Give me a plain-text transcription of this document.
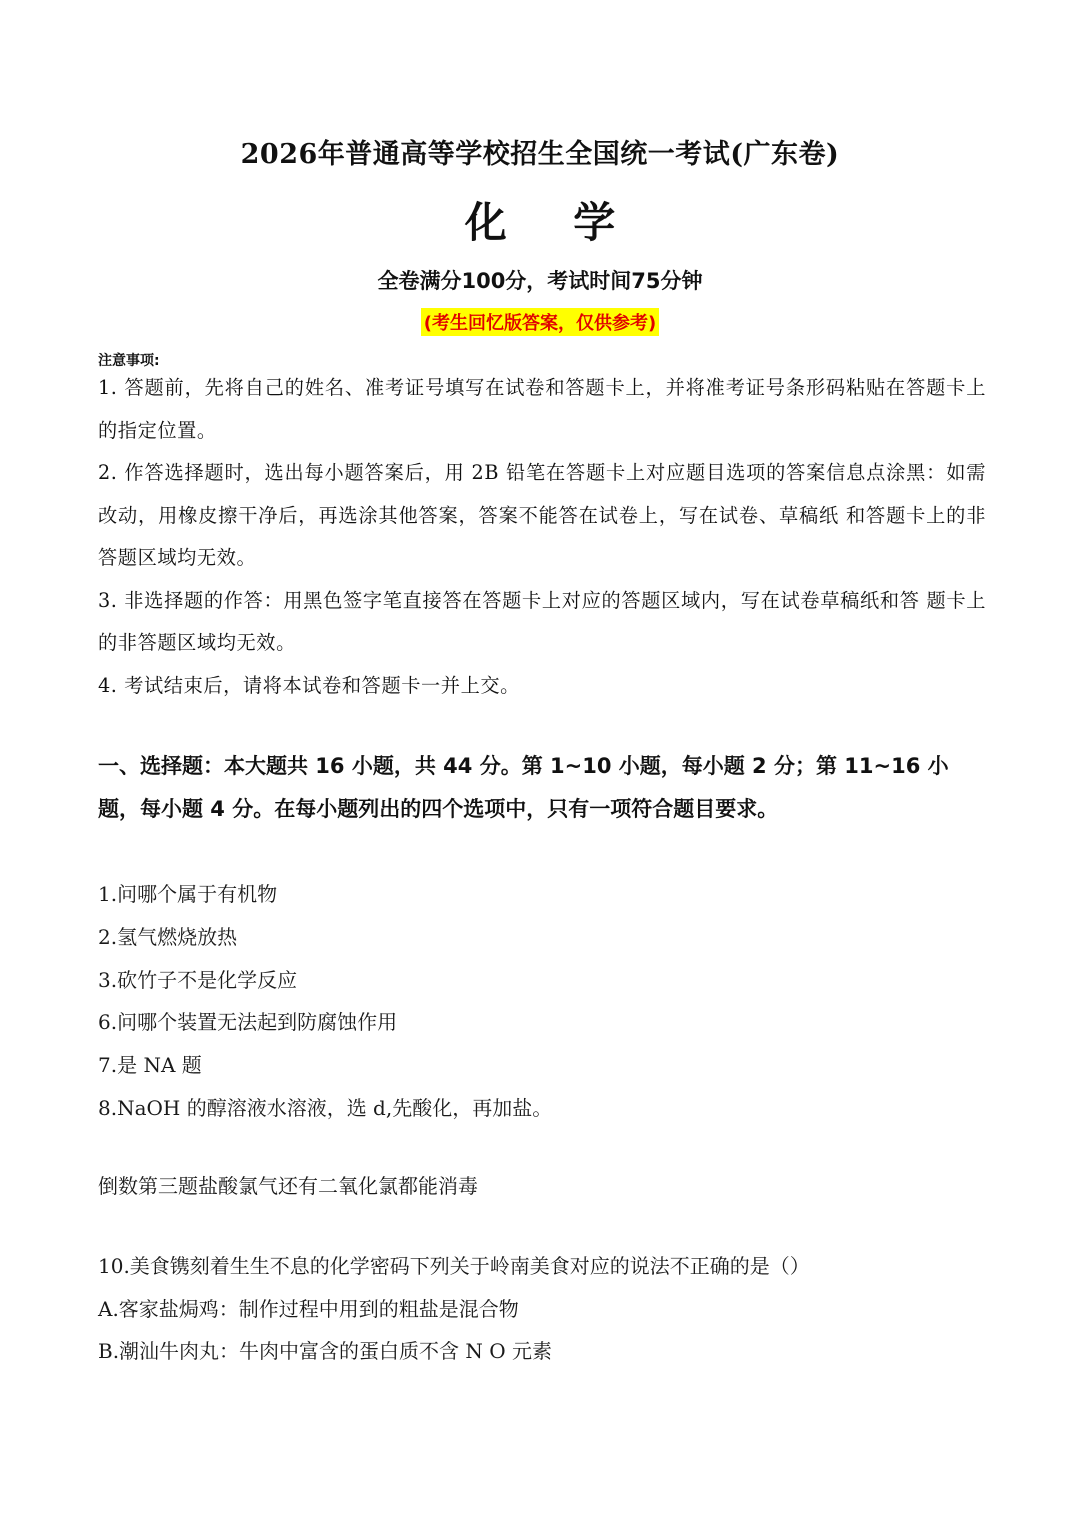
2026年普通高等学校招生全国统一考试(广东卷)
化 学
全卷满分100分，考试时间75分钟
(考生回忆版答案，仅供参考)
注意事项:

1. 答题前，先将自己的姓名、准考证号填写在试卷和答题卡上，并将准考证号条形码粘贴在答题卡上的指定位置。

2. 作答选择题时，选出每小题答案后，用 2B 铅笔在答题卡上对应题目选项的答案信息点涂黑：如需改动，用橡皮擦干净后，再选涂其他答案，答案不能答在试卷上，写在试卷、草稿纸 和答题卡上的非答题区域均无效。

3. 非选择题的作答：用黑色签字笔直接答在答题卡上对应的答题区域内，写在试卷草稿纸和答 题卡上的非答题区域均无效。

4. 考试结束后，请将本试卷和答题卡一并上交。

一、选择题：本大题共 16 小题，共 44 分。第 1~10 小题，每小题 2 分；第 11~16 小题，每小题 4 分。在每小题列出的四个选项中，只有一项符合题目要求。
1.问哪个属于有机物
2.氢气燃烧放热
3.砍竹子不是化学反应
6.问哪个装置无法起到防腐蚀作用
7.是 NA 题
8.NaOH 的醇溶液水溶液，选 d,先酸化，再加盐。
倒数第三题盐酸氯气还有二氧化氯都能消毒
10.美食镌刻着生生不息的化学密码下列关于岭南美食对应的说法不正确的是（）
A.客家盐焗鸡：制作过程中用到的粗盐是混合物
B.潮汕牛肉丸：牛肉中富含的蛋白质不含 N O 元素
